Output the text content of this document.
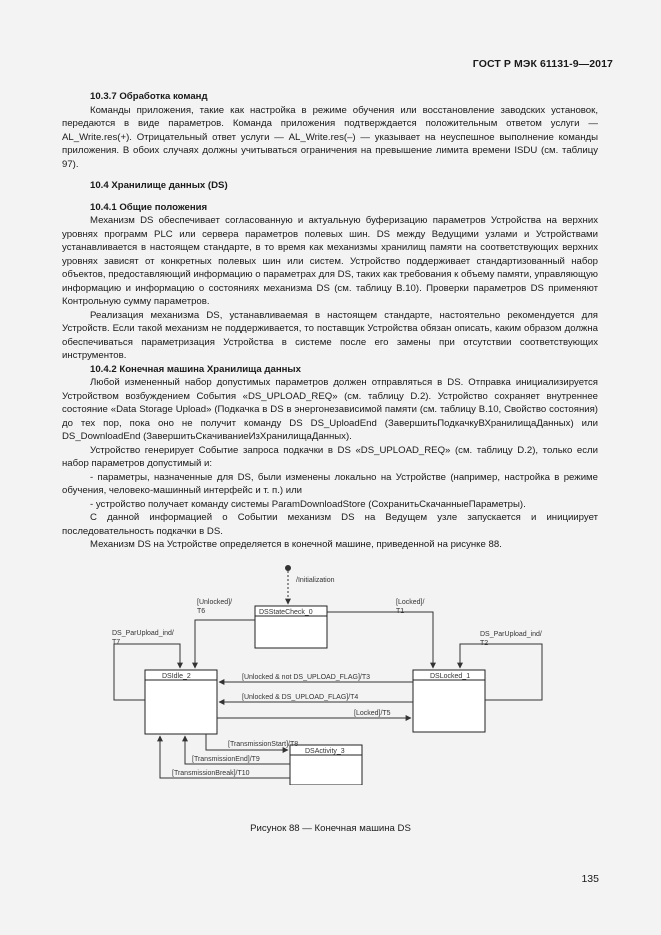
ГОСТ Р МЭК 61131-9—2017

10.3.7 Обработка команд

Команды приложения, такие как настройка в режиме обучения или восстановление заводских установок, передаются в виде параметров. Команда приложения подтверждается положительным ответом услуги — AL_Write.res(+). Отрицательный ответ услуги — AL_Write.res(–) — указывает на неуспешное выполнение команды приложения. В обоих случаях должны учитываться ограничения на превышение лимита времени ISDU (см. таблицу 97).

10.4 Хранилище данных (DS)

10.4.1 Общие положения

Механизм DS обеспечивает согласованную и актуальную буферизацию параметров Устройства на верхних уровнях программ PLC или сервера параметров полевых шин. DS между Ведущими узлами и Устройствами устанавливается в настоящем стандарте, в то время как механизмы хранилищ памяти на соответствующих верхних уровнях зависят от конкретных полевых шин или систем. Устройство поддерживает стандартизованный набор объектов, предоставляющий информацию о параметрах для DS, таких как требования к объему памяти, управляющую информацию и информацию о состояниях механизма DS (см. таблицу B.10). Проверки параметров DS применяют Контрольную сумму параметров.

Реализация механизма DS, устанавливаемая в настоящем стандарте, настоятельно рекомендуется для Устройств. Если такой механизм не поддерживается, то поставщик Устройства обязан описать, каким образом должна обеспечиваться параметризация Устройства в системе после его замены при отсутствии соответствующих инструментов.

10.4.2 Конечная машина Хранилища данных

Любой измененный набор допустимых параметров должен отправляться в DS. Отправка инициализируется Устройством возбуждением События «DS_UPLOAD_REQ» (см. таблицу D.2). Устройство сохраняет внутреннее состояние «Data Storage Upload» (Подкачка в DS в энергонезависимой памяти (см. таблицу B.10, Свойство состояния) до тех пор, пока оно не получит команду DS DS_UploadEnd (ЗавершитьПодкачкуВХранилищаДанных) или DS_DownloadEnd (ЗавершитьСкачиваниеИзХранилищаДанных).

Устройство генерирует Событие запроса подкачки в DS «DS_UPLOAD_REQ» (см. таблицу D.2), только если набор параметров допустимый и:

- параметры, назначенные для DS, были изменены локально на Устройстве (например, настройка в режиме обучения, человеко-машинный интерфейс и т. п.) или

- устройство получает команду системы ParamDownloadStore (СохранитьСкачанныеПараметры).

С данной информацией о Событии механизм DS на Ведущем узле запускается и инициирует последовательность подкачки в DS.

Механизм DS на Устройстве определяется в конечной машине, приведенной на рисунке 88.

/Initialization
DSStateCheck_0
DSIdle_2	DSLocked_1
DSActivity_3
[Unlocked]/
T6
[Locked]/
T1
DS_ParUpload_ind/
T7
DS_ParUpload_ind/
T2
[Unlocked & not DS_UPLOAD_FLAG]/T3
[Unlocked & DS_UPLOAD_FLAG]/T4
[Locked]/T5
[TransmissionStart]/T8
[TransmissionEnd]/T9
[TransmissionBreak]/T10
Рисунок 88 — Конечная машина DS
135
